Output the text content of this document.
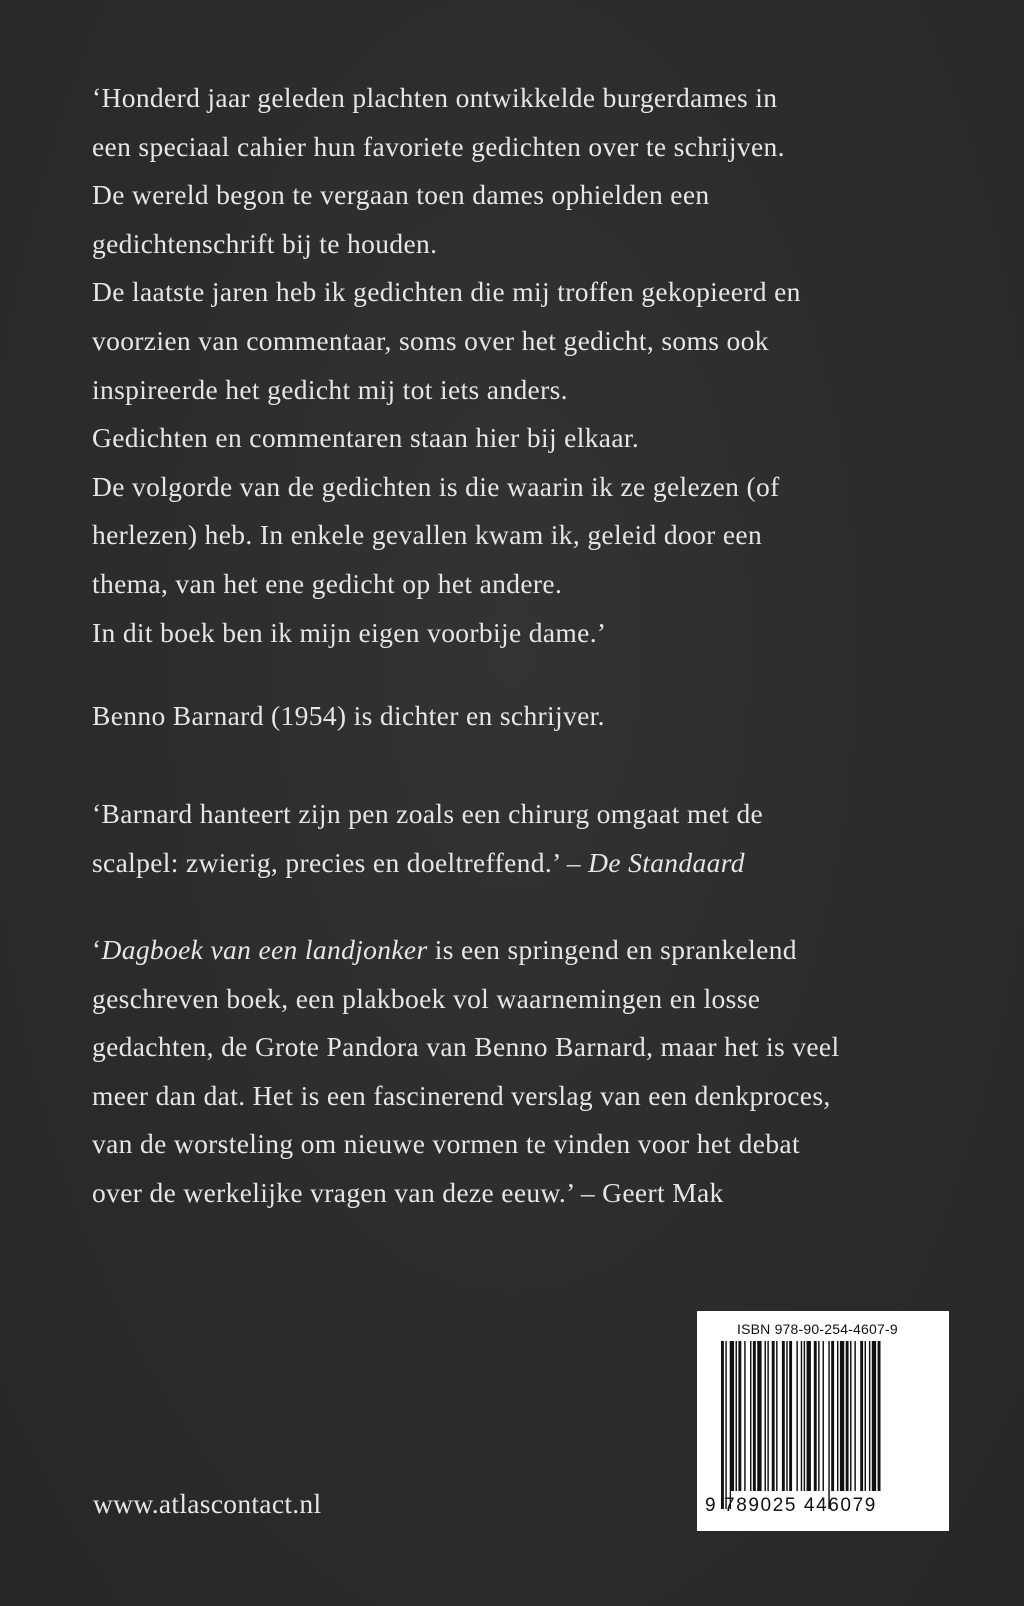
‘Honderd jaar geleden plachten ontwikkelde burgerdames in
een speciaal cahier hun favoriete gedichten over te schrijven.
De wereld begon te vergaan toen dames ophielden een
gedichtenschrift bij te houden.
De laatste jaren heb ik gedichten die mij troffen gekopieerd en
voorzien van commentaar, soms over het gedicht, soms ook
inspireerde het gedicht mij tot iets anders.
Gedichten en commentaren staan hier bij elkaar.
De volgorde van de gedichten is die waarin ik ze gelezen (of
herlezen) heb. In enkele gevallen kwam ik, geleid door een
thema, van het ene gedicht op het andere.
In dit boek ben ik mijn eigen voorbije dame.’
Benno Barnard (1954) is dichter en schrijver.
‘Barnard hanteert zijn pen zoals een chirurg omgaat met de
scalpel: zwierig, precies en doeltreffend.’ – De Standaard
‘Dagboek van een landjonker is een springend en sprankelend
geschreven boek, een plakboek vol waarnemingen en losse
gedachten, de Grote Pandora van Benno Barnard, maar het is veel
meer dan dat. Het is een fascinerend verslag van een denkproces,
van de worsteling om nieuwe vormen te vinden voor het debat
over de werkelijke vragen van deze eeuw.’ – Geert Mak
www.atlascontact.nl
ISBN 978-90-254-4607-9
9 789025 446079
